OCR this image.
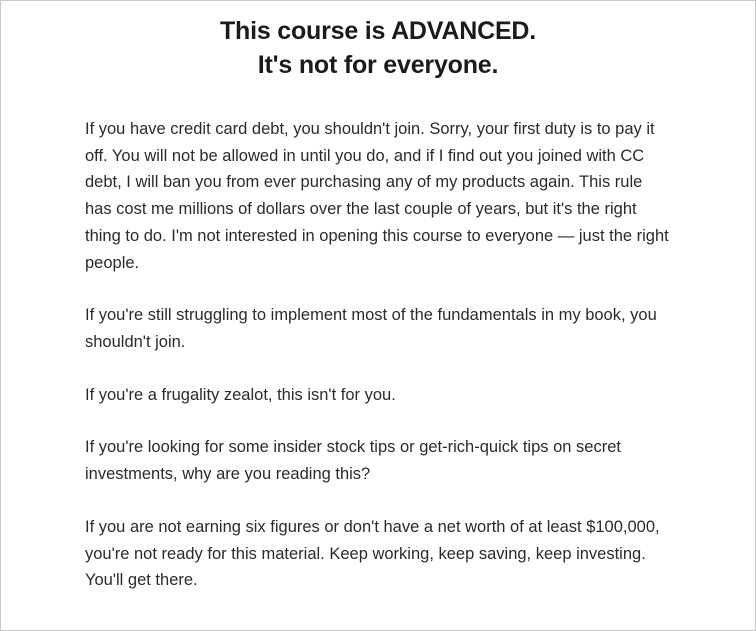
This course is ADVANCED.
It's not for everyone.

If you have credit card debt, you shouldn't join. Sorry, your first duty is to pay it off. You will not be allowed in until you do, and if I find out you joined with CC debt, I will ban you from ever purchasing any of my products again. This rule has cost me millions of dollars over the last couple of years, but it's the right thing to do. I'm not interested in opening this course to everyone — just the right people.

If you're still struggling to implement most of the fundamentals in my book, you shouldn't join.

If you're a frugality zealot, this isn't for you.

If you're looking for some insider stock tips or get-rich-quick tips on secret investments, why are you reading this?

If you are not earning six figures or don't have a net worth of at least $100,000, you're not ready for this material. Keep working, keep saving, keep investing. You'll get there.
